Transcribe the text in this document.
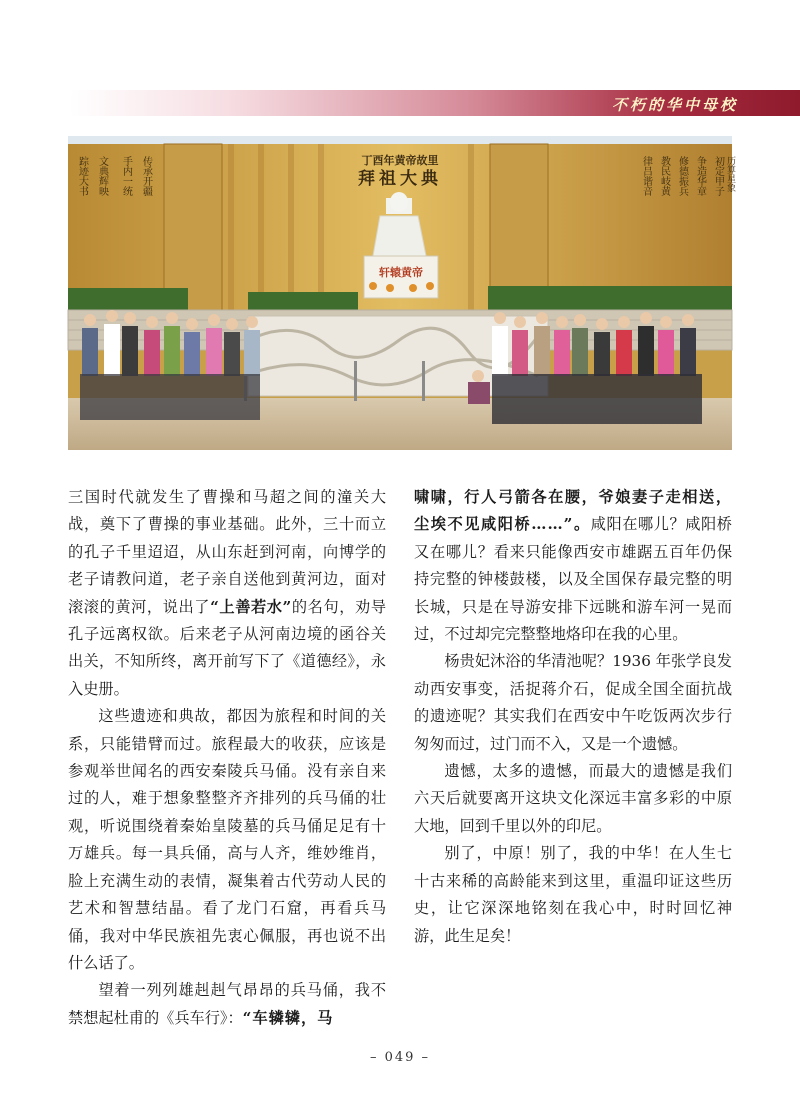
不朽的华中母校
丁酉年黄帝故里
拜祖大典
踪迹大书 文典辉映 手内一统 传承开疆	律吕谐音 教民岐黄 修德振兵 争造华章 初定甲子 历算星象
轩辕黄帝

三国时代就发生了曹操和马超之间的潼关大战，奠下了曹操的事业基础。此外，三十而立的孔子千里迢迢，从山东赶到河南，向博学的老子请教问道，老子亲自送他到黄河边，面对滚滚的黄河，说出了“上善若水”的名句，劝导孔子远离权欲。后来老子从河南边境的函谷关出关，不知所终，离开前写下了《道德经》，永入史册。

这些遗迹和典故，都因为旅程和时间的关系，只能错臂而过。旅程最大的收获，应该是参观举世闻名的西安秦陵兵马俑。没有亲自来过的人，难于想象整整齐齐排列的兵马俑的壮观，听说围绕着秦始皇陵墓的兵马俑足足有十万雄兵。每一具兵俑，高与人齐，维妙维肖，脸上充满生动的表情，凝集着古代劳动人民的艺术和智慧结晶。看了龙门石窟，再看兵马俑，我对中华民族祖先衷心佩服，再也说不出什么话了。

望着一列列雄赳赳气昂昂的兵马俑，我不禁想起杜甫的《兵车行》：“车辚辚，马

啸啸，行人弓箭各在腰，爷娘妻子走相送，尘埃不见咸阳桥……”。咸阳在哪儿？咸阳桥又在哪儿？看来只能像西安市雄踞五百年仍保持完整的钟楼鼓楼，以及全国保存最完整的明长城，只是在导游安排下远眺和游车河一晃而过，不过却完完整整地烙印在我的心里。

杨贵妃沐浴的华清池呢？1936 年张学良发动西安事变，活捉蒋介石，促成全国全面抗战的遗迹呢？其实我们在西安中午吃饭两次步行匆匆而过，过门而不入，又是一个遗憾。

遗憾，太多的遗憾，而最大的遗憾是我们六天后就要离开这块文化深远丰富多彩的中原大地，回到千里以外的印尼。

别了，中原！别了，我的中华！在人生七十古来稀的高龄能来到这里，重温印证这些历史，让它深深地铭刻在我心中，时时回忆神游，此生足矣！

– 049 –
